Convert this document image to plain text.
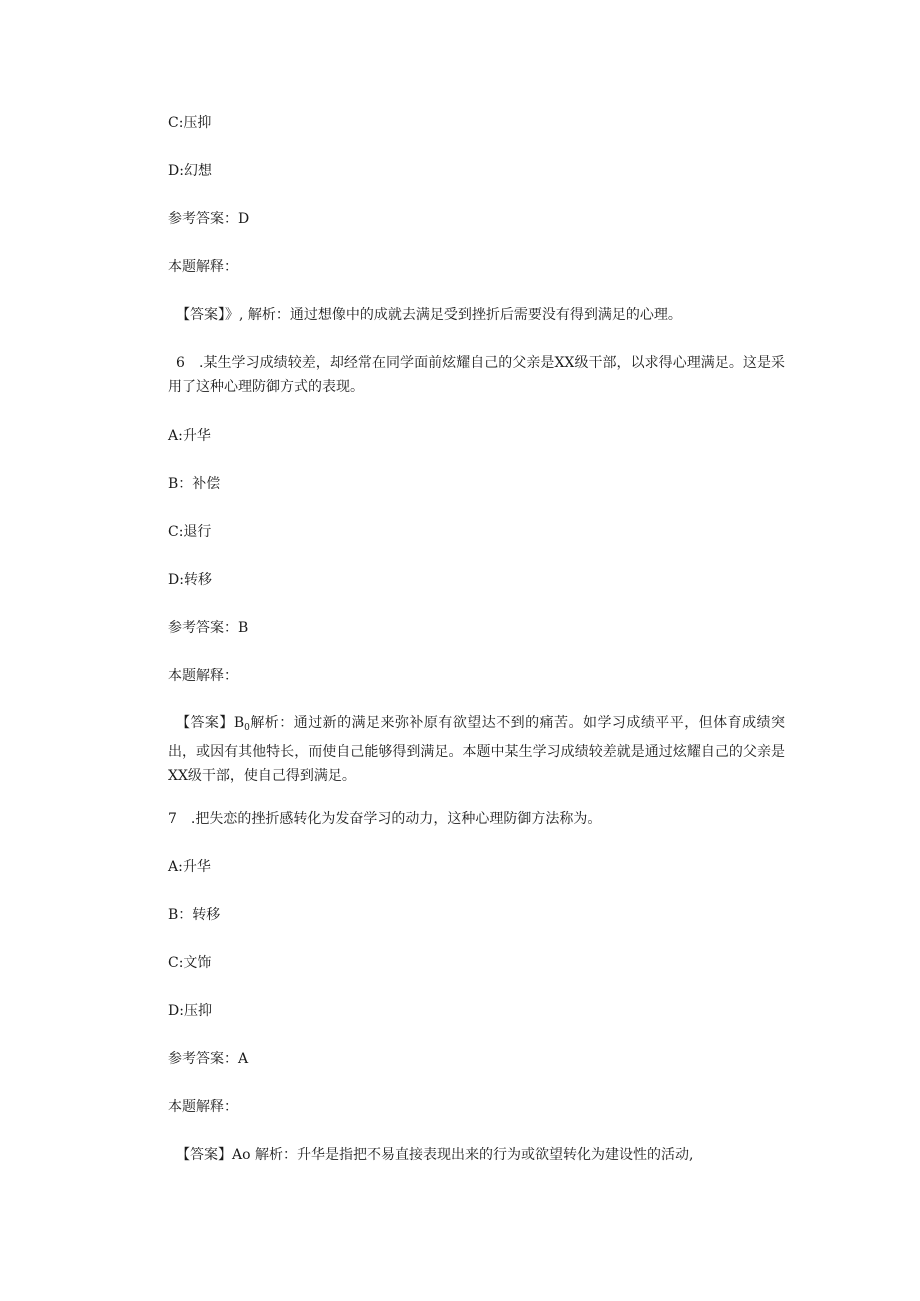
C:压抑

D:幻想

参考答案：D

本题解释：

【答案】》, 解析：通过想像中的成就去满足受到挫折后需要没有得到满足的心理。

6　.某生学习成绩较差，却经常在同学面前炫耀自己的父亲是XX级干部，以求得心理满足。这是采用了这种心理防御方式的表现。

A:升华

B：补偿

C:退行

D:转移

参考答案：B

本题解释：

【答案】$B_0$解析：通过新的满足来弥补原有欲望达不到的痛苦。如学习成绩平平，但体育成绩突出，或因有其他特长，而使自己能够得到满足。本题中某生学习成绩较差就是通过炫耀自己的父亲是XX级干部，使自己得到满足。

7　.把失恋的挫折感转化为发奋学习的动力，这种心理防御方法称为。

A:升华

B：转移

C:文饰

D:压抑

参考答案：A

本题解释：

【答案】Ao 解析：升华是指把不易直接表现出来的行为或欲望转化为建设性的活动,
